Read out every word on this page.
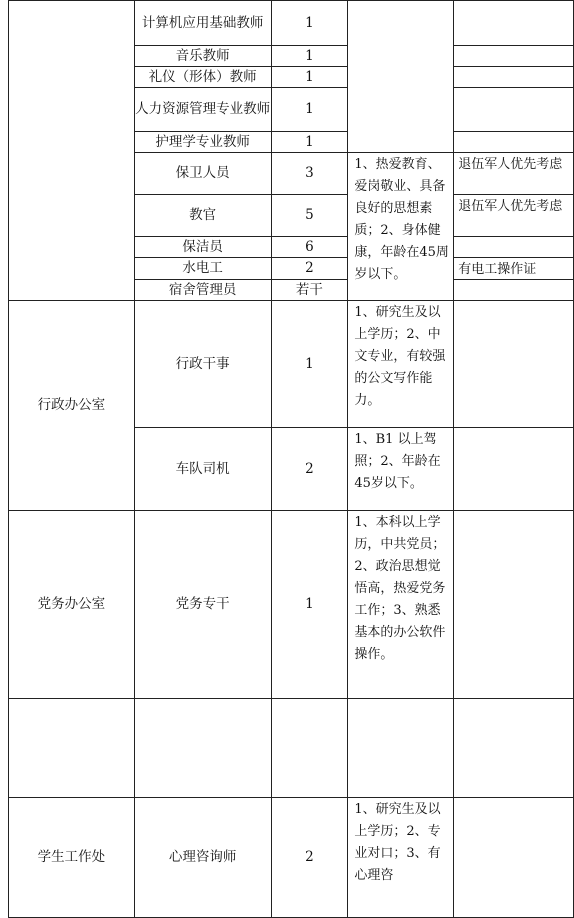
	计算机应用基础教师	1		
	音乐教师	1		
	礼仪（形体）教师	1		
	人力资源管理专业教师	1		
	护理学专业教师	1		
	保卫人员	3	1、热爱教育、爱岗敬业、具备良好的思想素质；2、身体健康，年龄在45周岁以下。	退伍军人优先考虑
	教官	5		退伍军人优先考虑
	保洁员	6		
	水电工	2		有电工操作证
	宿舍管理员	若干		
行政办公室	行政干事	1	1、研究生及以上学历；2、中文专业，有较强的公文写作能力。	
	车队司机	2	1、B1 以上驾照；2、年龄在45岁以下。	
党务办公室	党务专干	1	1、本科以上学历，中共党员；2、政治思想觉悟高，热爱党务工作；3、熟悉基本的办公软件操作。	

学生工作处	心理咨询师	2	1、研究生及以上学历；2、专业对口；3、有心理咨	
